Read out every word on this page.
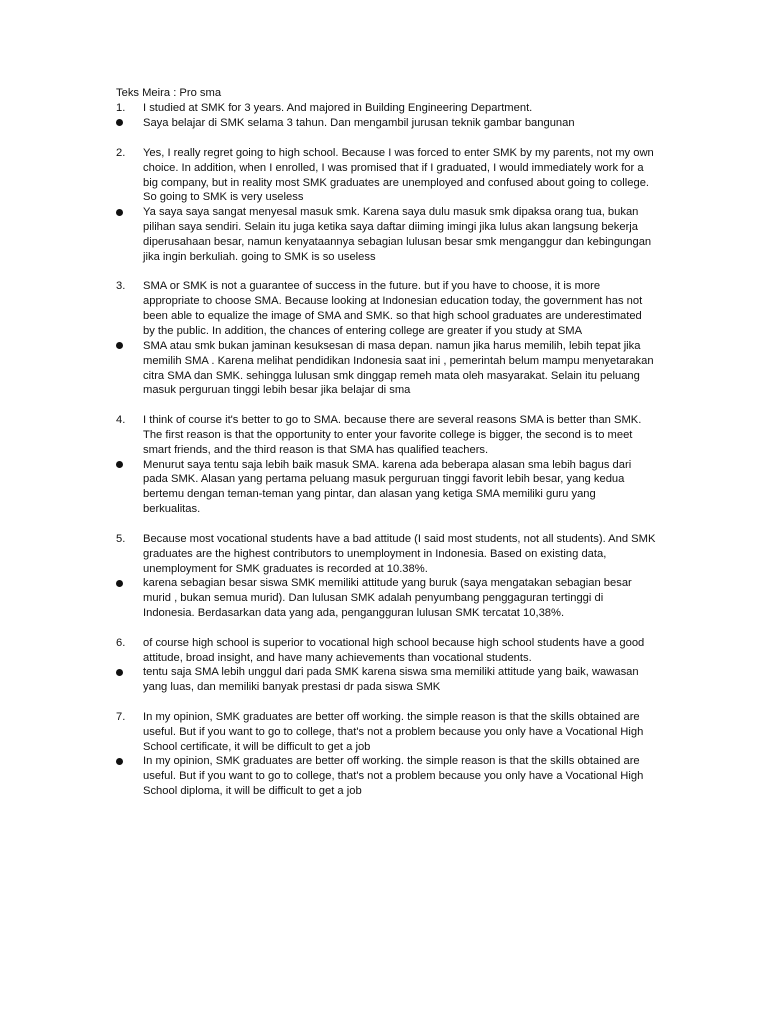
Teks Meira : Pro sma

1.	I studied at SMK for 3 years. And majored in Building Engineering Department.
Saya belajar di SMK selama 3 tahun. Dan mengambil jurusan teknik gambar bangunan
2.	Yes, I really regret going to high school. Because I was forced to enter SMK by my parents, not my own choice. In addition, when I enrolled, I was promised that if I graduated, I would immediately work for a big company, but in reality most SMK graduates are unemployed and confused about going to college. So going to SMK is very useless
Ya saya saya sangat menyesal masuk smk. Karena saya dulu masuk smk dipaksa orang tua, bukan pilihan saya sendiri. Selain itu juga ketika saya daftar diiming imingi jika lulus akan langsung bekerja diperusahaan besar, namun kenyataannya sebagian lulusan besar smk menganggur dan kebingungan jika ingin berkuliah. going to SMK is so useless
3.	SMA or SMK is not a guarantee of success in the future. but if you have to choose, it is more appropriate to choose SMA. Because looking at Indonesian education today, the government has not been able to equalize the image of SMA and SMK. so that high school graduates are underestimated by the public. In addition, the chances of entering college are greater if you study at SMA
SMA atau smk bukan jaminan kesuksesan di masa depan. namun jika harus memilih, lebih tepat jika memilih SMA . Karena melihat pendidikan Indonesia saat ini , pemerintah belum mampu menyetarakan citra SMA dan SMK. sehingga lulusan smk dinggap remeh mata oleh masyarakat. Selain itu peluang masuk perguruan tinggi lebih besar jika belajar di sma
4.	I think of course it's better to go to SMA. because there are several reasons SMA is better than SMK. The first reason is that the opportunity to enter your favorite college is bigger, the second is to meet smart friends, and the third reason is that SMA has qualified teachers.
Menurut saya tentu saja lebih baik masuk SMA. karena ada beberapa alasan sma lebih bagus dari pada SMK. Alasan yang pertama peluang masuk perguruan tinggi favorit lebih besar, yang kedua bertemu dengan teman-teman yang pintar, dan alasan yang ketiga SMA memiliki guru yang berkualitas.
5.	Because most vocational students have a bad attitude (I said most students, not all students). And SMK graduates are the highest contributors to unemployment in Indonesia. Based on existing data, unemployment for SMK graduates is recorded at 10.38%.
karena sebagian besar siswa SMK memiliki attitude yang buruk (saya mengatakan sebagian besar murid , bukan semua murid). Dan lulusan SMK adalah penyumbang penggaguran tertinggi di Indonesia. Berdasarkan data yang ada, pengangguran lulusan SMK tercatat 10,38%.
6.	of course high school is superior to vocational high school because high school students have a good attitude, broad insight, and have many achievements than vocational students.
tentu saja SMA lebih unggul dari pada SMK karena siswa sma memiliki attitude yang baik, wawasan yang luas, dan memiliki banyak prestasi dr pada siswa SMK
7.	In my opinion, SMK graduates are better off working. the simple reason is that the skills obtained are useful. But if you want to go to college, that's not a problem because you only have a Vocational High School certificate, it will be difficult to get a job
In my opinion, SMK graduates are better off working. the simple reason is that the skills obtained are useful. But if you want to go to college, that's not a problem because you only have a Vocational High School diploma, it will be difficult to get a job
